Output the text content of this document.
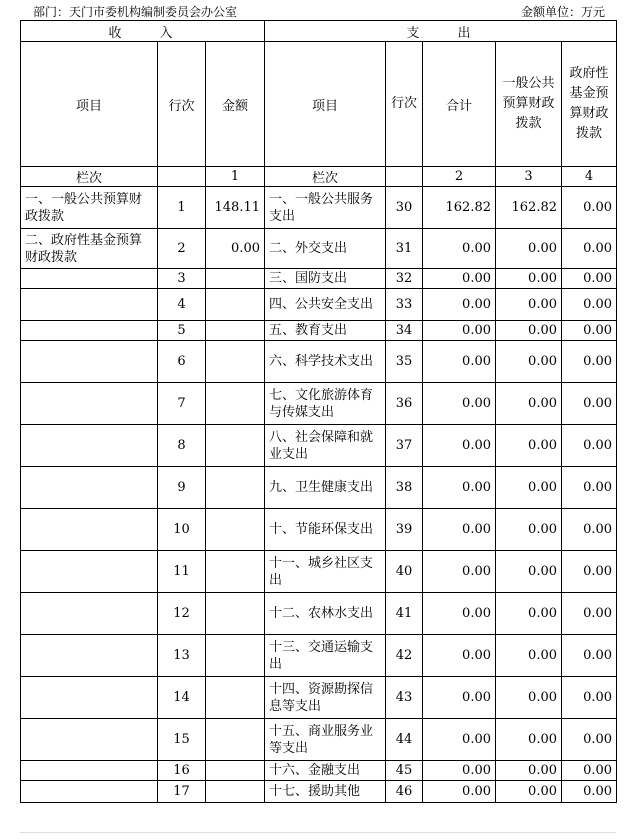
部门：天门市委机构编制委员会办公室	金额单位：万元
收　　入			支　　出				
项目	行次	金额	项目	行次	合计	一般公共预算财政拨款	政府性基金预算财政拨款
栏次		1	栏次		2	3	4
一、一般公共预算财政拨款	1	148.11	一、一般公共服务支出	30	162.82	162.82	0.00
二、政府性基金预算财政拨款	2	0.00	二、外交支出	31	0.00	0.00	0.00
	3		三、国防支出	32	0.00	0.00	0.00
	4		四、公共安全支出	33	0.00	0.00	0.00
	5		五、教育支出	34	0.00	0.00	0.00
	6		六、科学技术支出	35	0.00	0.00	0.00
	7		七、文化旅游体育与传媒支出	36	0.00	0.00	0.00
	8		八、社会保障和就业支出	37	0.00	0.00	0.00
	9		九、卫生健康支出	38	0.00	0.00	0.00
	10		十、节能环保支出	39	0.00	0.00	0.00
	11		十一、城乡社区支出	40	0.00	0.00	0.00
	12		十二、农林水支出	41	0.00	0.00	0.00
	13		十三、交通运输支出	42	0.00	0.00	0.00
	14		十四、资源勘探信息等支出	43	0.00	0.00	0.00
	15		十五、商业服务业等支出	44	0.00	0.00	0.00
	16		十六、金融支出	45	0.00	0.00	0.00
	17		十七、援助其他	46	0.00	0.00	0.00
